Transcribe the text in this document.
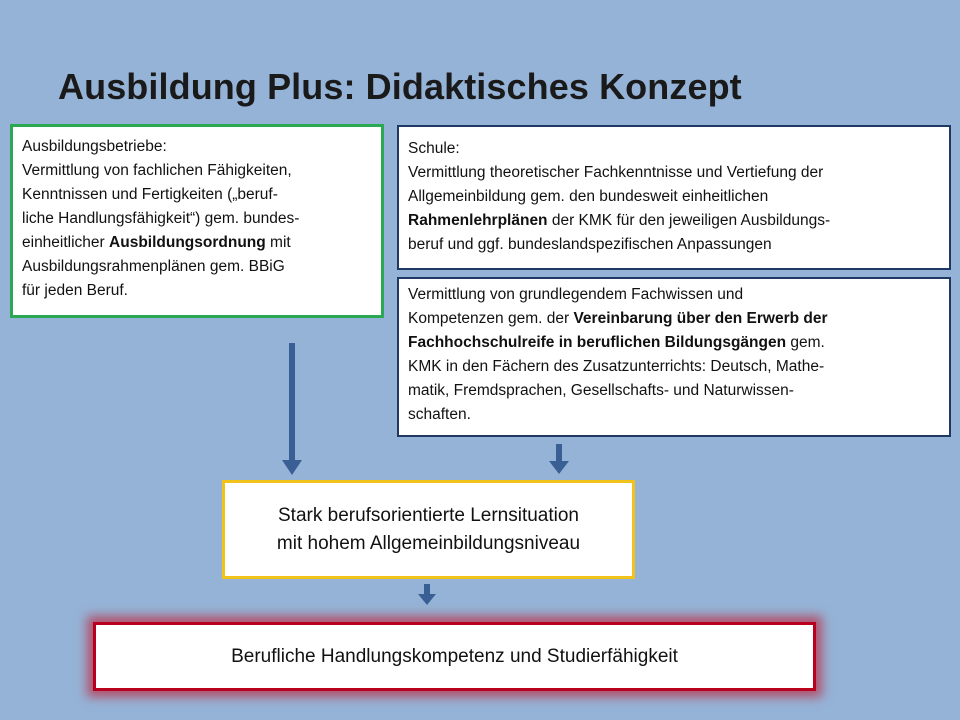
Ausbildung Plus: Didaktisches Konzept

Ausbildungsbetriebe:

Vermittlung von fachlichen Fähigkeiten,

Kenntnissen und Fertigkeiten („beruf-

liche Handlungsfähigkeit“) gem. bundes-

einheitlicher Ausbildungsordnung mit

Ausbildungsrahmenplänen gem. BBiG

für jeden Beruf.

Schule:

Vermittlung theoretischer Fachkenntnisse und Vertiefung der

Allgemeinbildung gem. den bundesweit einheitlichen

Rahmenlehrplänen der KMK für den jeweiligen Ausbildungs-

beruf und ggf. bundeslandspezifischen Anpassungen

Vermittlung von grundlegendem Fachwissen und

Kompetenzen gem. der Vereinbarung über den Erwerb der

Fachhochschulreife in beruflichen Bildungsgängen gem.

KMK in den Fächern des Zusatzunterrichts: Deutsch, Mathe-

matik, Fremdsprachen, Gesellschafts- und Naturwissen-

schaften.

Stark berufsorientierte Lernsituation
mit hohem Allgemeinbildungsniveau
Berufliche Handlungskompetenz und Studierfähigkeit
